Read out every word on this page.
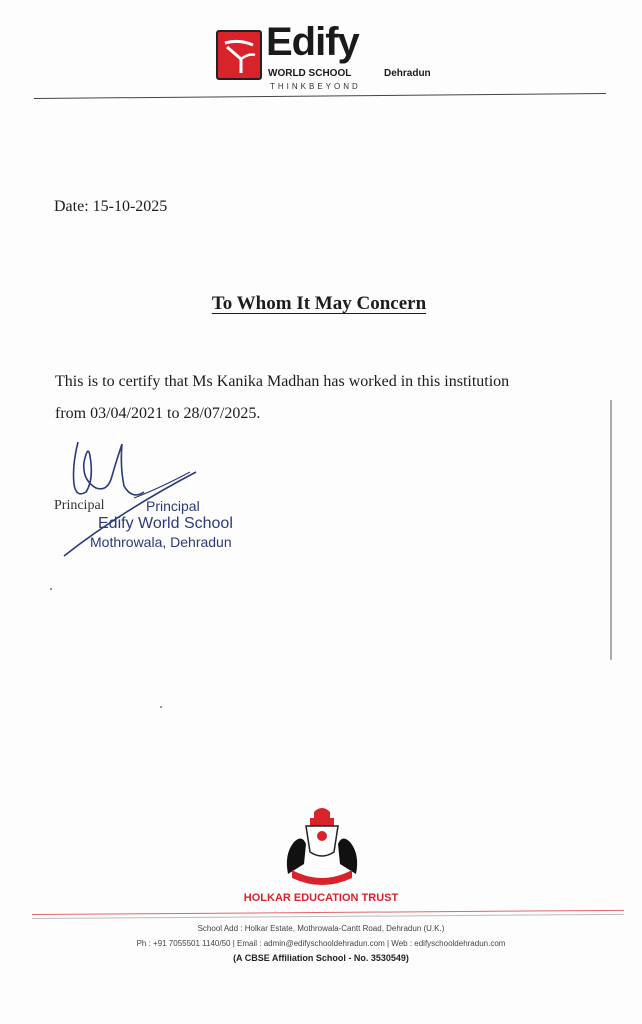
Edify
WORLD SCHOOL	Dehradun
THINKBEYOND
Date: 15-10-2025
To Whom It May Concern
This is to certify that Ms Kanika Madhan has worked in this institution
from 03/04/2021 to 28/07/2025.
Principal	Principal
Edify World School
Mothrowala, Dehradun
HOLKAR EDUCATION TRUST
School Add : Holkar Estate, Mothrowala-Cantt Road, Dehradun (U.K.)
Ph : +91 7055501 1140/50 | Email : admin@edifyschooldehradun.com | Web : edifyschooldehradun.com
(A CBSE Affiliation School - No. 3530549)
